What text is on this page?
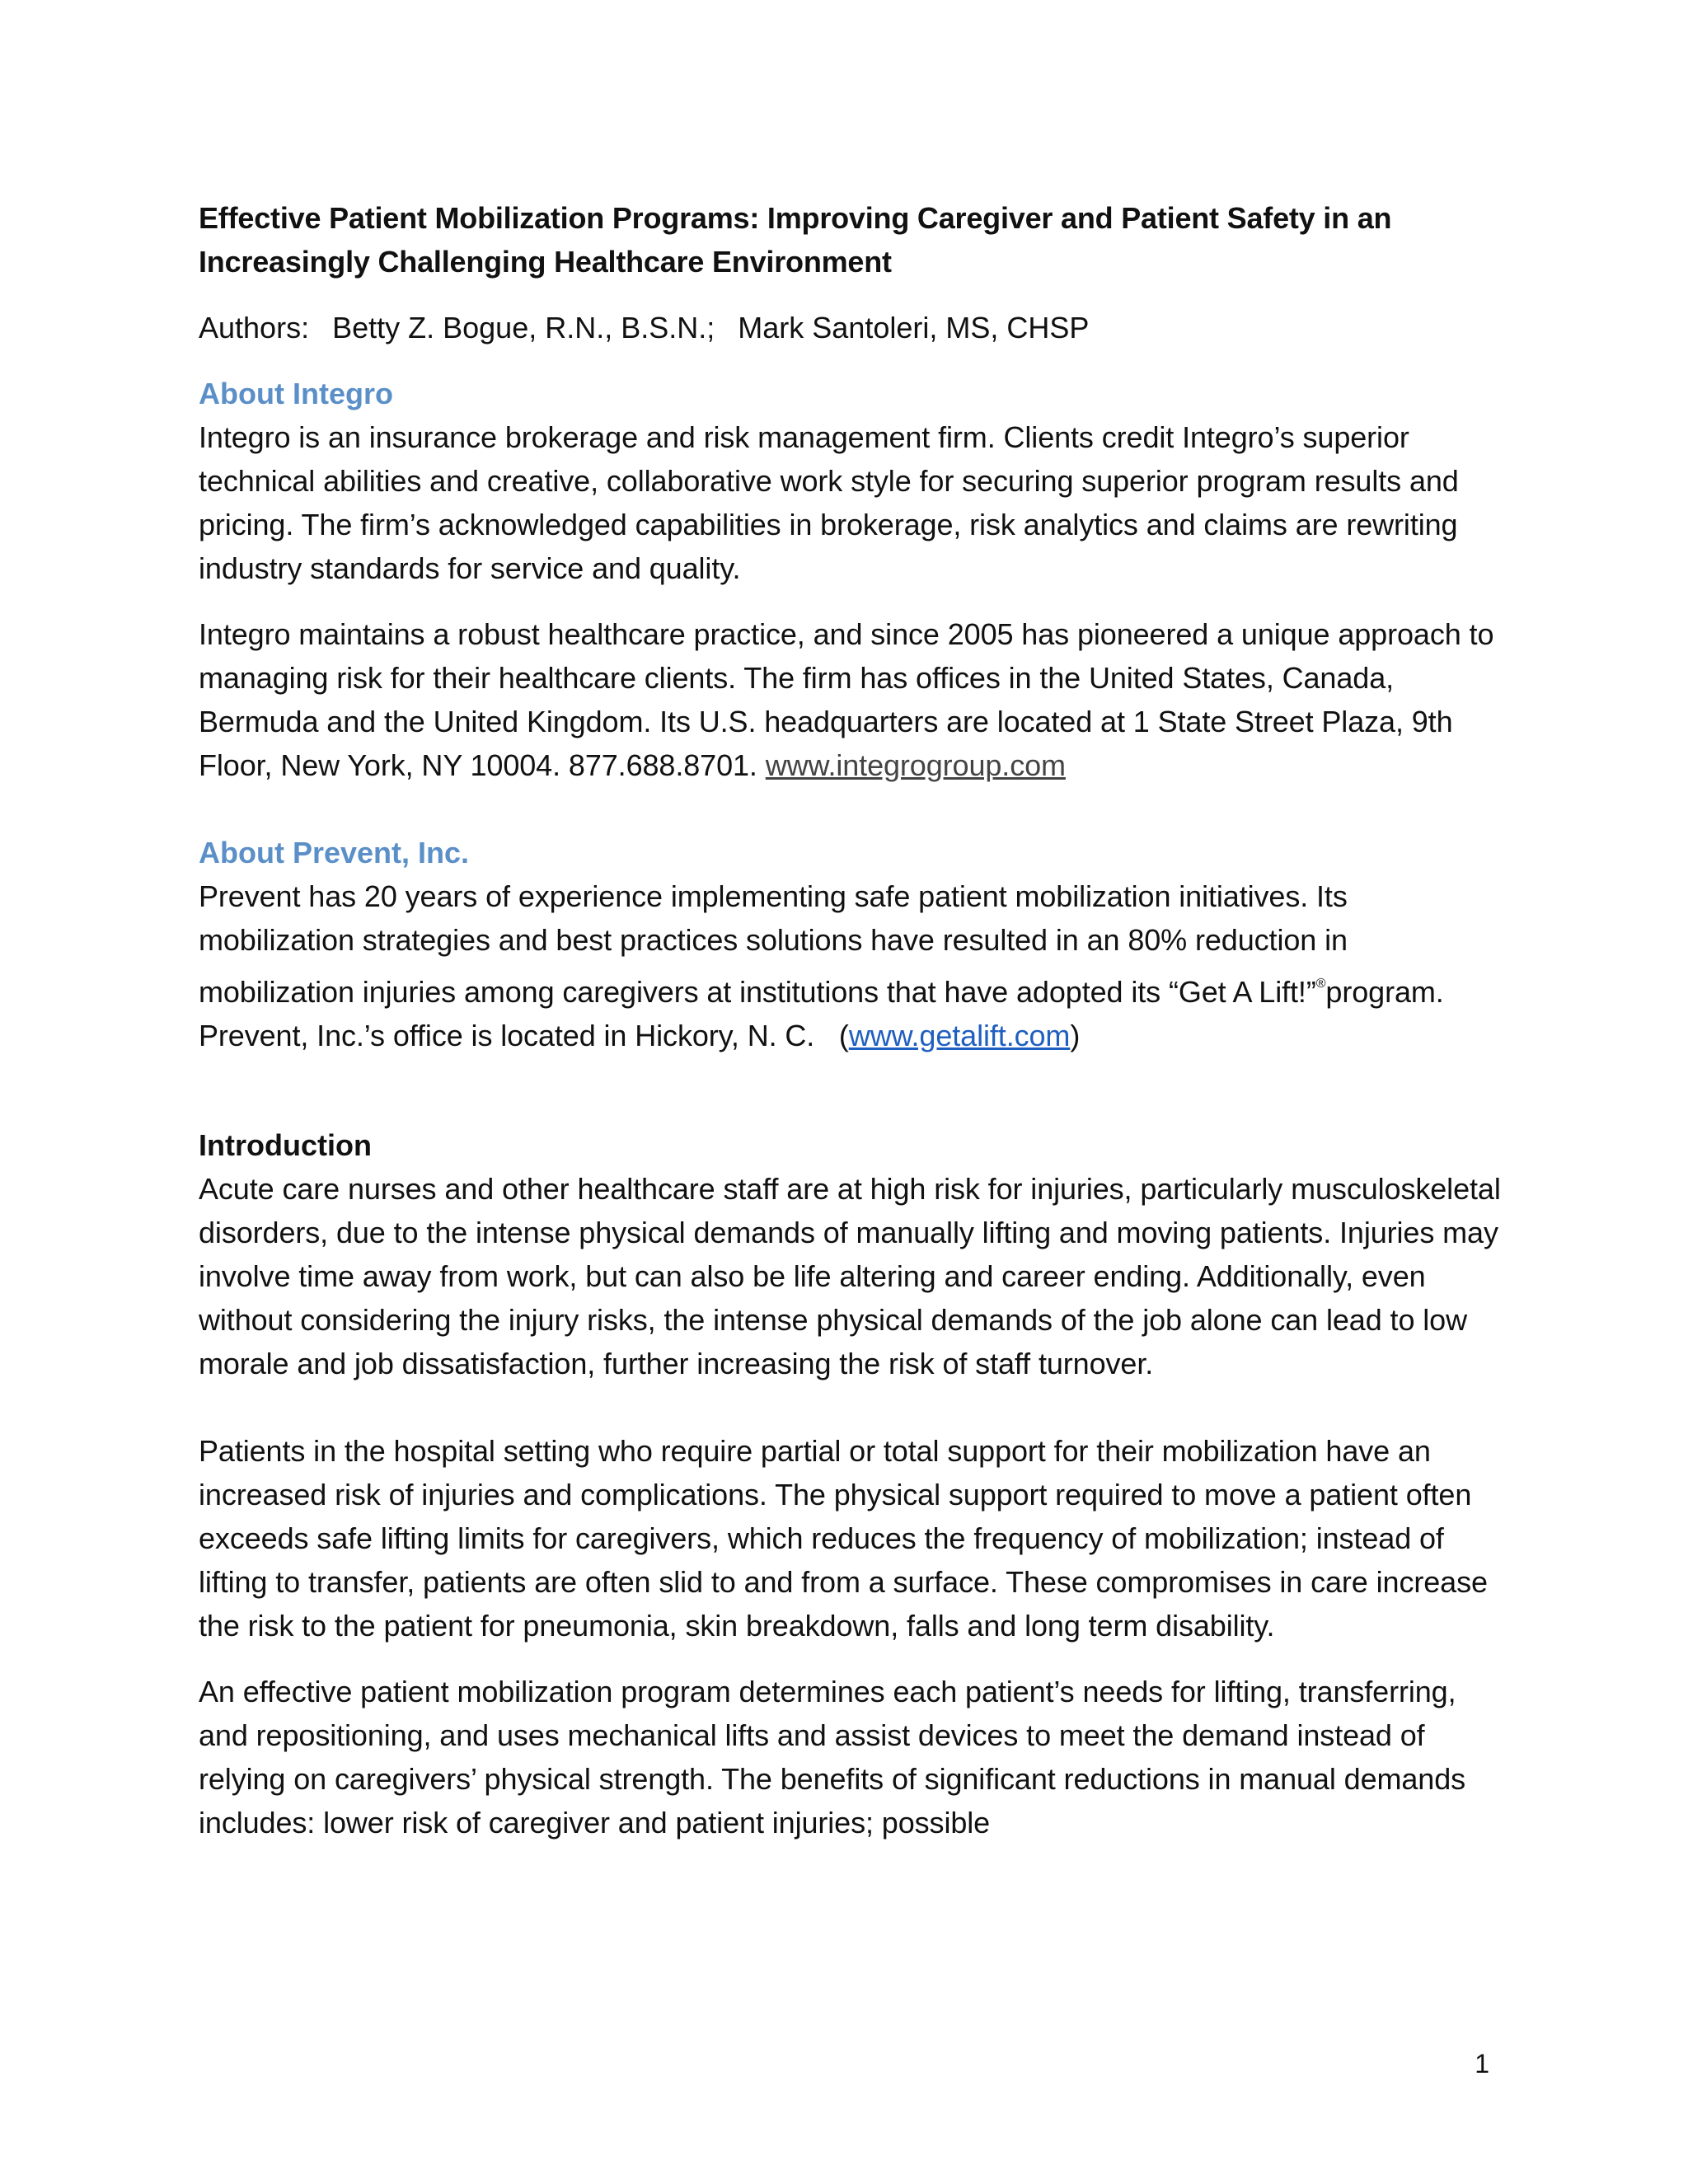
Effective Patient Mobilization Programs: Improving Caregiver and Patient Safety in an Increasingly Challenging Healthcare Environment

Authors: Betty Z. Bogue, R.N., B.S.N.; Mark Santoleri, MS, CHSP

About Integro

Integro is an insurance brokerage and risk management firm. Clients credit Integro’s superior technical abilities and creative, collaborative work style for securing superior program results and pricing. The firm’s acknowledged capabilities in brokerage, risk analytics and claims are rewriting industry standards for service and quality.

Integro maintains a robust healthcare practice, and since 2005 has pioneered a unique approach to managing risk for their healthcare clients. The firm has offices in the United States, Canada, Bermuda and the United Kingdom. Its U.S. headquarters are located at 1 State Street Plaza, 9th Floor, New York, NY 10004. 877.688.8701. www.integrogroup.com

About Prevent, Inc.

Prevent has 20 years of experience implementing safe patient mobilization initiatives. Its mobilization strategies and best practices solutions have resulted in an 80% reduction in mobilization injuries among caregivers at institutions that have adopted its “Get A Lift!”®program. Prevent, Inc.’s office is located in Hickory, N. C. (www.getalift.com)

Introduction

Acute care nurses and other healthcare staff are at high risk for injuries, particularly musculoskeletal disorders, due to the intense physical demands of manually lifting and moving patients. Injuries may involve time away from work, but can also be life altering and career ending. Additionally, even without considering the injury risks, the intense physical demands of the job alone can lead to low morale and job dissatisfaction, further increasing the risk of staff turnover.

Patients in the hospital setting who require partial or total support for their mobilization have an increased risk of injuries and complications. The physical support required to move a patient often exceeds safe lifting limits for caregivers, which reduces the frequency of mobilization; instead of lifting to transfer, patients are often slid to and from a surface. These compromises in care increase the risk to the patient for pneumonia, skin breakdown, falls and long term disability.

An effective patient mobilization program determines each patient’s needs for lifting, transferring, and repositioning, and uses mechanical lifts and assist devices to meet the demand instead of relying on caregivers’ physical strength. The benefits of significant reductions in manual demands includes: lower risk of caregiver and patient injuries; possible

1
